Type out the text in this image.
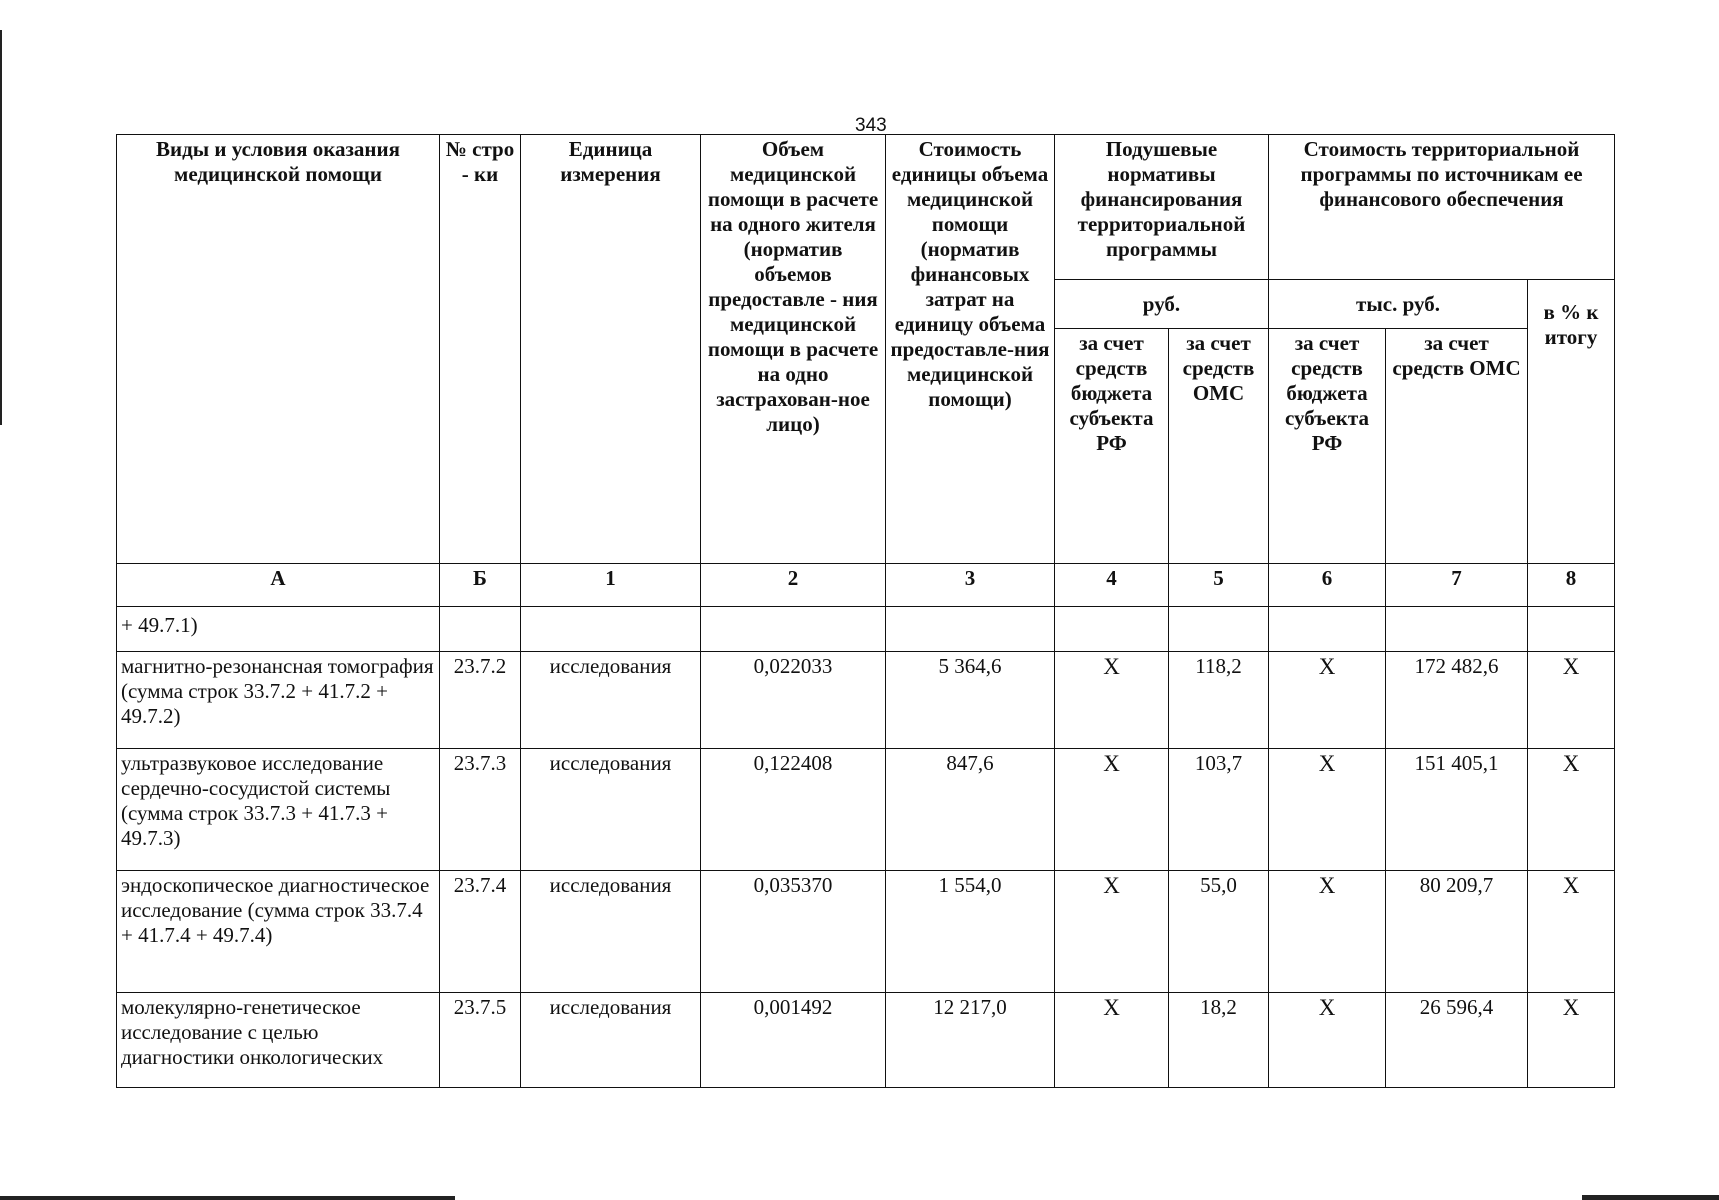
343
Виды и условия оказания медицинской помощи	№ стро - ки	Единица измерения	Объем медицинской помощи в расчете на одного жителя (норматив объемов предоставле - ния медицинской помощи в расчете на одно застрахован-ное лицо)	Стоимость единицы объема медицинской помощи (норматив финансовых затрат на единицу объема предоставле-ния медицинской помощи)	Подушевые нормативы финансирования территориальной программы		Стоимость территориальной программы по источникам ее финансового обеспечения		
					руб.		тыс. руб.		в % к итогу
					за счет средств бюджета субъекта РФ	за счет средств ОМС	за счет средств бюджета субъекта РФ	за счет средств ОМС	
А	Б	1	2	3	4	5	6	7	8
+ 49.7.1)									
магнитно-резонансная томография (сумма строк 33.7.2 + 41.7.2 + 49.7.2)	23.7.2	исследования	0,022033	5 364,6	Х	118,2	Х	172 482,6	Х
ультразвуковое исследование сердечно-сосудистой системы (сумма строк 33.7.3 + 41.7.3 + 49.7.3)	23.7.3	исследования	0,122408	847,6	Х	103,7	Х	151 405,1	Х
эндоскопическое диагностическое исследование (сумма строк 33.7.4 + 41.7.4 + 49.7.4)	23.7.4	исследования	0,035370	1 554,0	Х	55,0	Х	80 209,7	Х
молекулярно-генетическое исследование с целью диагностики онкологических	23.7.5	исследования	0,001492	12 217,0	Х	18,2	Х	26 596,4	Х
